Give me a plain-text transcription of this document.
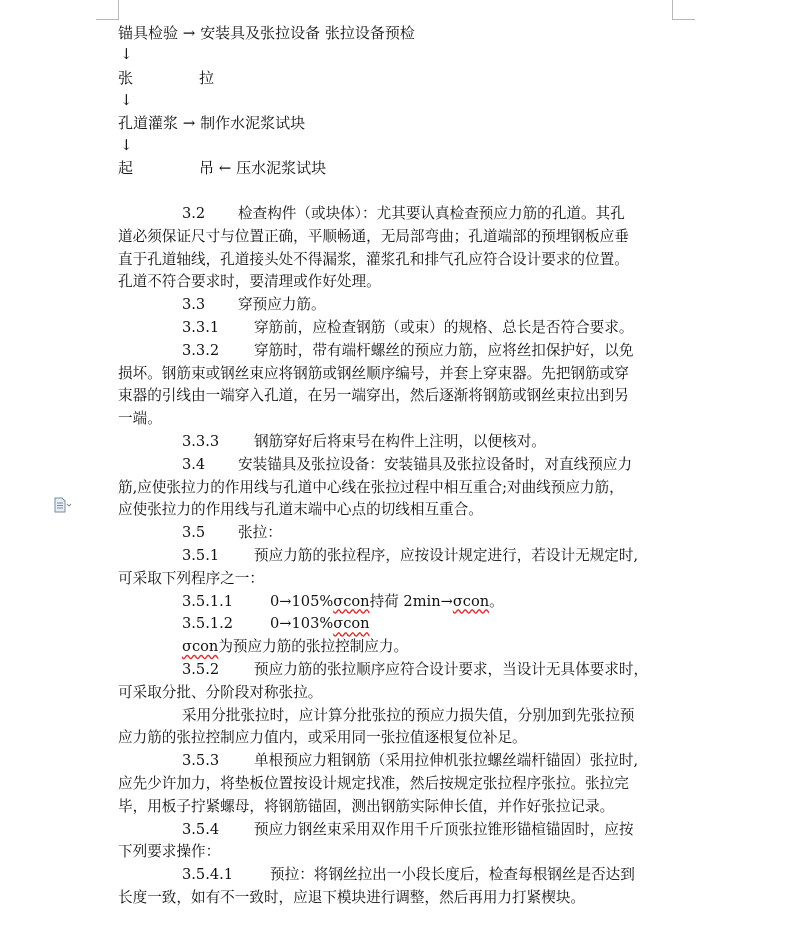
锚具检验 → 安装具及张拉设备 张拉设备预检
↓
张	拉
↓
孔道灌浆 → 制作水泥浆试块
↓
起	吊 ← 压水泥浆试块
3.2 检查构件（或块体）：尤其要认真检查预应力筋的孔道。其孔
道必须保证尺寸与位置正确，平顺畅通，无局部弯曲；孔道端部的预埋钢板应垂
直于孔道轴线，孔道接头处不得漏浆，灌浆孔和排气孔应符合设计要求的位置。
孔道不符合要求时，要清理或作好处理。
3.3 穿预应力筋。
3.3.1 穿筋前，应检查钢筋（或束）的规格、总长是否符合要求。
3.3.2 穿筋时，带有端杆螺丝的预应力筋，应将丝扣保护好，以免
损坏。钢筋束或钢丝束应将钢筋或钢丝顺序编号，并套上穿束器。先把钢筋或穿
束器的引线由一端穿入孔道，在另一端穿出，然后逐渐将钢筋或钢丝束拉出到另
一端。
3.3.3 钢筋穿好后将束号在构件上注明，以便核对。
3.4 安装锚具及张拉设备：安装锚具及张拉设备时，对直线预应力
筋,应使张拉力的作用线与孔道中心线在张拉过程中相互重合;对曲线预应力筋，
应使张拉力的作用线与孔道末端中心点的切线相互重合。
3.5 张拉：
3.5.1 预应力筋的张拉程序，应按设计规定进行，若设计无规定时,
可采取下列程序之一：
3.5.1.1	0→105%σcon持荷 2min→σcon。
3.5.1.2	0→103%σcon
σcon为预应力筋的张拉控制应力。
3.5.2 预应力筋的张拉顺序应符合设计要求，当设计无具体要求时，
可采取分批、分阶段对称张拉。
采用分批张拉时，应计算分批张拉的预应力损失值，分别加到先张拉预
应力筋的张拉控制应力值内，或采用同一张拉值逐根复位补足。
3.5.3 单根预应力粗钢筋（采用拉伸机张拉螺丝端杆锚固）张拉时,
应先少许加力，将垫板位置按设计规定找准，然后按规定张拉程序张拉。张拉完
毕，用板子拧紧螺母，将钢筋锚固，测出钢筋实际伸长值，并作好张拉记录。
3.5.4 预应力钢丝束采用双作用千斤顶张拉锥形锚楦锚固时，应按
下列要求操作：
3.5.4.1	预拉：将钢丝拉出一小段长度后，检查每根钢丝是否达到
长度一致，如有不一致时，应退下模块进行调整，然后再用力打紧楔块。
